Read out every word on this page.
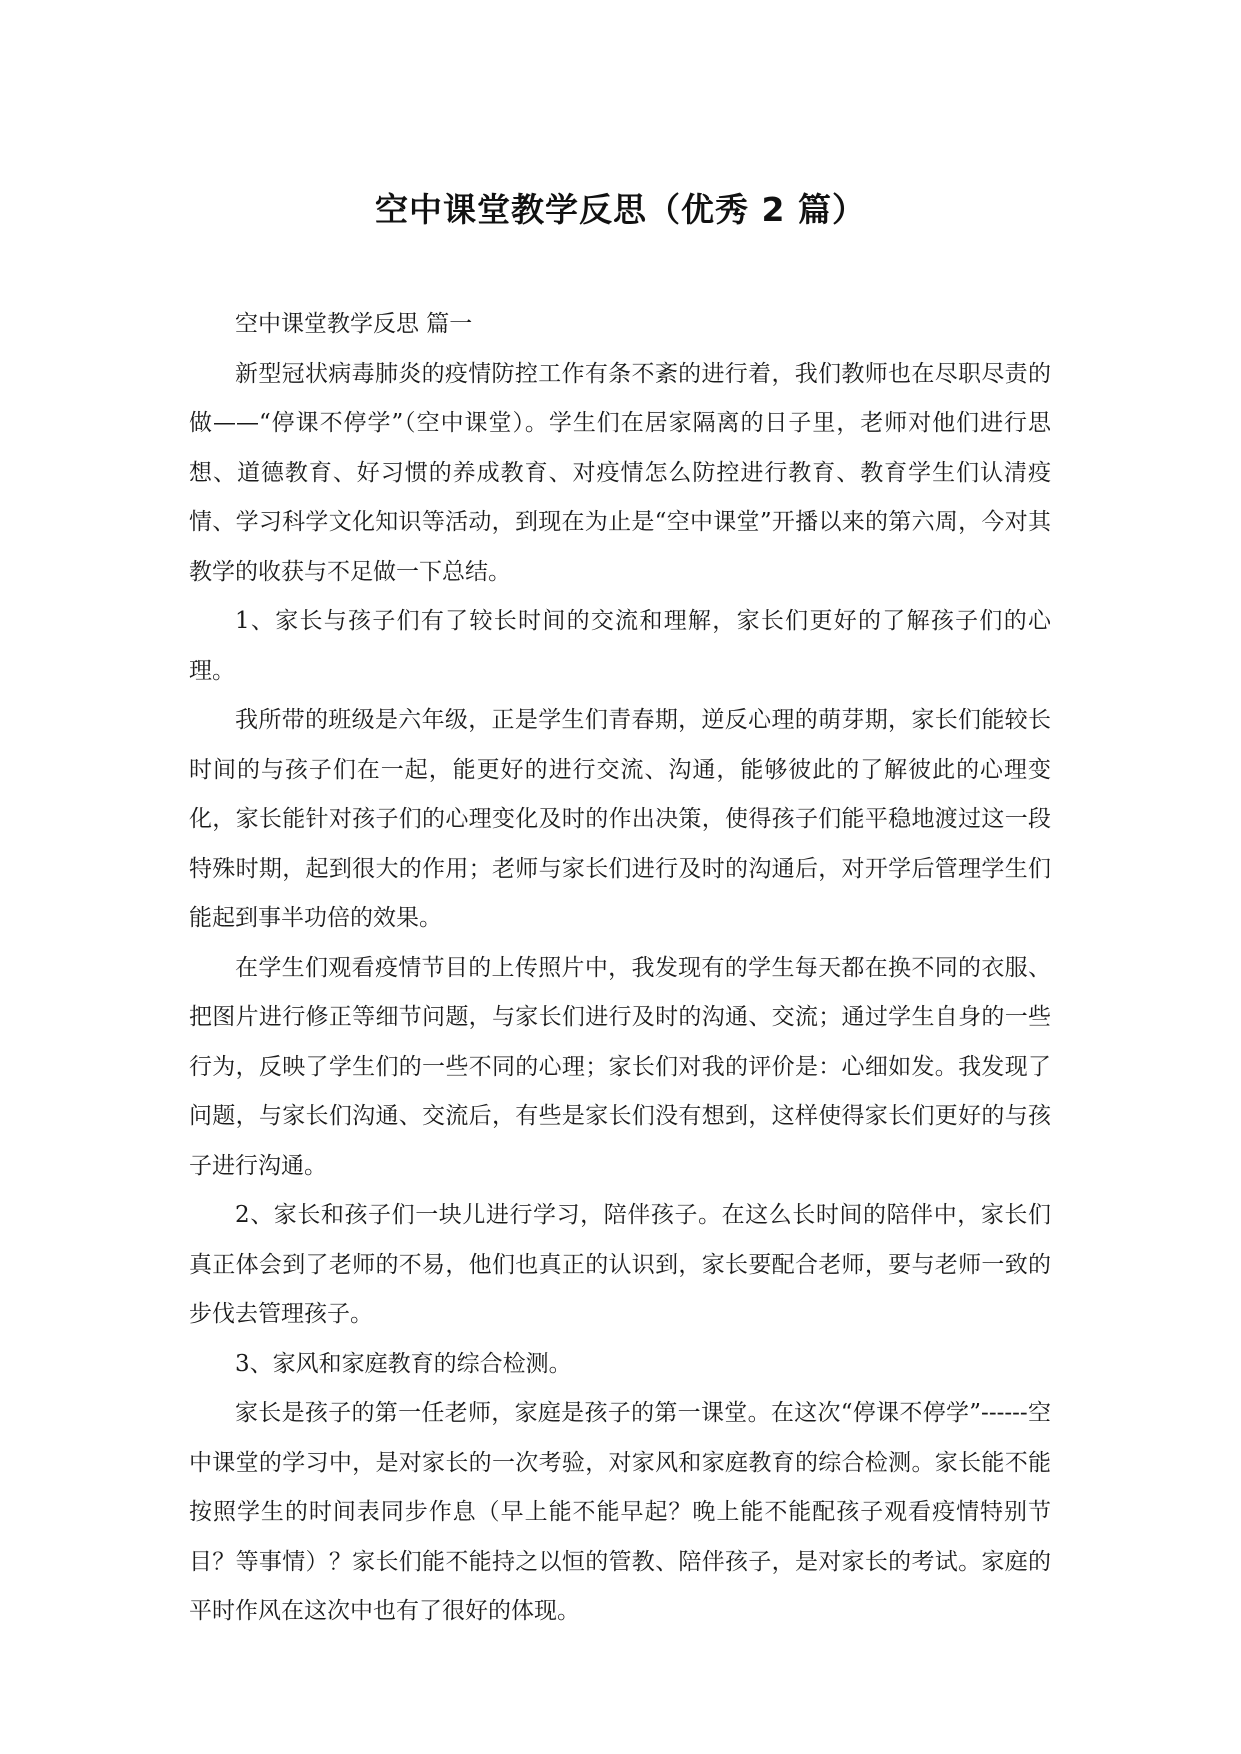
空中课堂教学反思（优秀 2 篇）

空中课堂教学反思 篇一

新型冠状病毒肺炎的疫情防控工作有条不紊的进行着，我们教师也在尽职尽责的做——“停课不停学”（空中课堂）。学生们在居家隔离的日子里，老师对他们进行思想、道德教育、好习惯的养成教育、对疫情怎么防控进行教育、教育学生们认清疫情、学习科学文化知识等活动，到现在为止是“空中课堂”开播以来的第六周，今对其教学的收获与不足做一下总结。

1、家长与孩子们有了较长时间的交流和理解，家长们更好的了解孩子们的心理。

我所带的班级是六年级，正是学生们青春期，逆反心理的萌芽期，家长们能较长时间的与孩子们在一起，能更好的进行交流、沟通，能够彼此的了解彼此的心理变化，家长能针对孩子们的心理变化及时的作出决策，使得孩子们能平稳地渡过这一段特殊时期，起到很大的作用；老师与家长们进行及时的沟通后，对开学后管理学生们能起到事半功倍的效果。

在学生们观看疫情节目的上传照片中，我发现有的学生每天都在换不同的衣服、把图片进行修正等细节问题，与家长们进行及时的沟通、交流；通过学生自身的一些行为，反映了学生们的一些不同的心理；家长们对我的评价是：心细如发。我发现了问题，与家长们沟通、交流后，有些是家长们没有想到，这样使得家长们更好的与孩子进行沟通。

2、家长和孩子们一块儿进行学习，陪伴孩子。在这么长时间的陪伴中，家长们真正体会到了老师的不易，他们也真正的认识到，家长要配合老师，要与老师一致的步伐去管理孩子。

3、家风和家庭教育的综合检测。

家长是孩子的第一任老师，家庭是孩子的第一课堂。在这次“停课不停学”------空中课堂的学习中，是对家长的一次考验，对家风和家庭教育的综合检测。家长能不能按照学生的时间表同步作息（早上能不能早起？晚上能不能配孩子观看疫情特别节目？等事情）？家长们能不能持之以恒的管教、陪伴孩子，是对家长的考试。家庭的平时作风在这次中也有了很好的体现。
